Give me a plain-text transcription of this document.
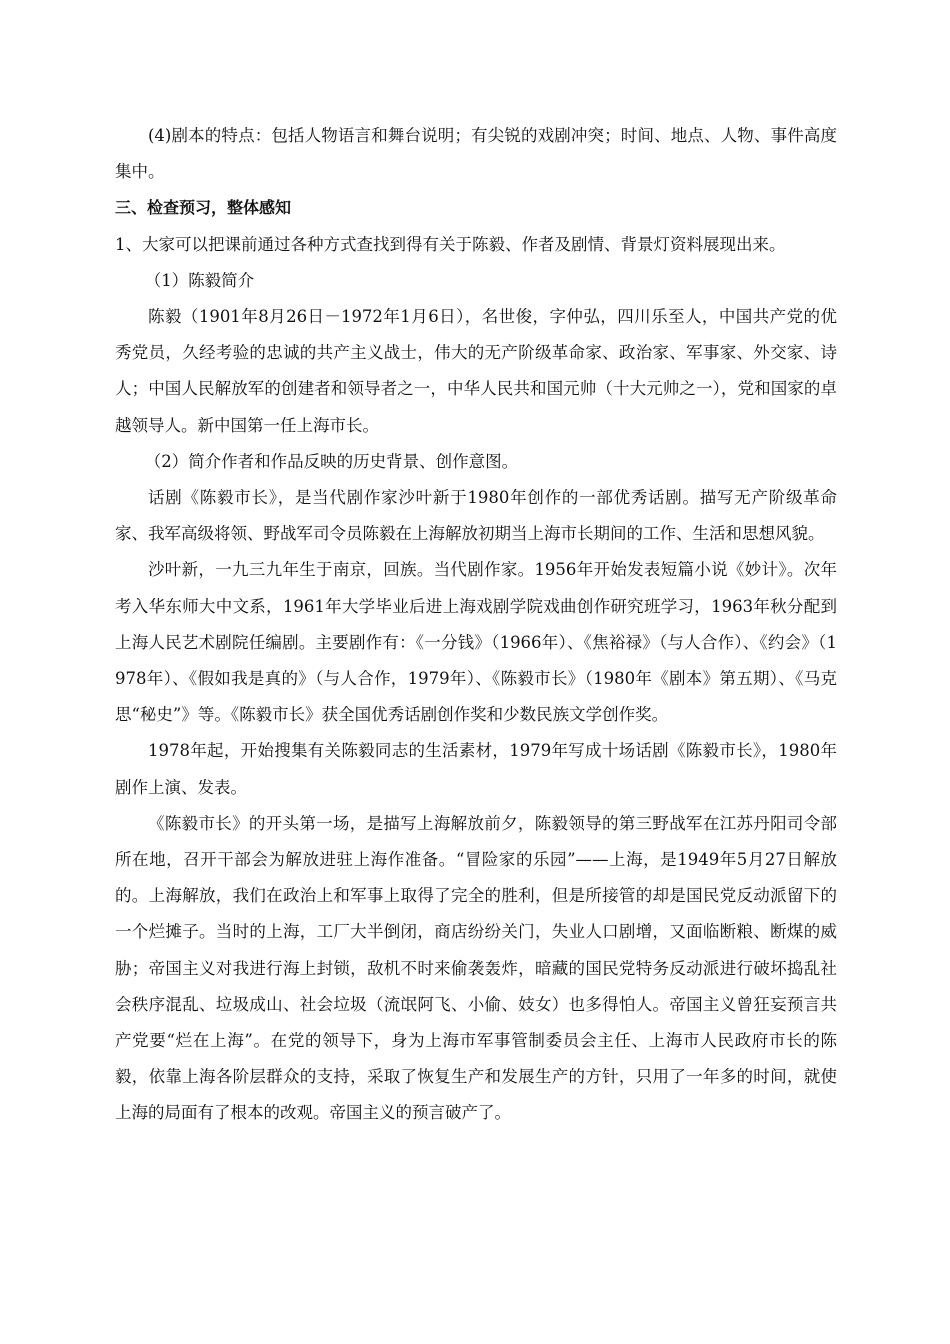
(4)剧本的特点：包括人物语言和舞台说明；有尖锐的戏剧冲突；时间、地点、人物、事件高度集中。

三、检查预习，整体感知

1、大家可以把课前通过各种方式查找到得有关于陈毅、作者及剧情、背景灯资料展现出来。

（1）陈毅简介

陈毅（1901年8月26日－1972年1月6日），名世俊，字仲弘，四川乐至人，中国共产党的优秀党员，久经考验的忠诚的共产主义战士，伟大的无产阶级革命家、政治家、军事家、外交家、诗人；中国人民解放军的创建者和领导者之一，中华人民共和国元帅（十大元帅之一），党和国家的卓越领导人。新中国第一任上海市长。

（2）简介作者和作品反映的历史背景、创作意图。

话剧《陈毅市长》，是当代剧作家沙叶新于1980年创作的一部优秀话剧。描写无产阶级革命家、我军高级将领、野战军司令员陈毅在上海解放初期当上海市长期间的工作、生活和思想风貌。

沙叶新，一九三九年生于南京，回族。当代剧作家。1956年开始发表短篇小说《妙计》。次年考入华东师大中文系，1961年大学毕业后进上海戏剧学院戏曲创作研究班学习，1963年秋分配到上海人民艺术剧院任编剧。主要剧作有：《一分钱》（1966年）、《焦裕禄》（与人合作）、《约会》（1978年）、《假如我是真的》（与人合作，1979年）、《陈毅市长》（1980年《剧本》第五期）、《马克思“秘史”》等。《陈毅市长》获全国优秀话剧创作奖和少数民族文学创作奖。

1978年起，开始搜集有关陈毅同志的生活素材，1979年写成十场话剧《陈毅市长》，1980年剧作上演、发表。

《陈毅市长》的开头第一场，是描写上海解放前夕，陈毅领导的第三野战军在江苏丹阳司令部所在地，召开干部会为解放进驻上海作准备。“冒险家的乐园”——上海，是1949年5月27日解放的。上海解放，我们在政治上和军事上取得了完全的胜利，但是所接管的却是国民党反动派留下的一个烂摊子。当时的上海，工厂大半倒闭，商店纷纷关门，失业人口剧增，又面临断粮、断煤的威胁；帝国主义对我进行海上封锁，敌机不时来偷袭轰炸，暗藏的国民党特务反动派进行破坏捣乱社会秩序混乱、垃圾成山、社会垃圾（流氓阿飞、小偷、妓女）也多得怕人。帝国主义曾狂妄预言共产党要“烂在上海”。在党的领导下，身为上海市军事管制委员会主任、上海市人民政府市长的陈毅，依靠上海各阶层群众的支持，采取了恢复生产和发展生产的方针，只用了一年多的时间，就使上海的局面有了根本的改观。帝国主义的预言破产了。
